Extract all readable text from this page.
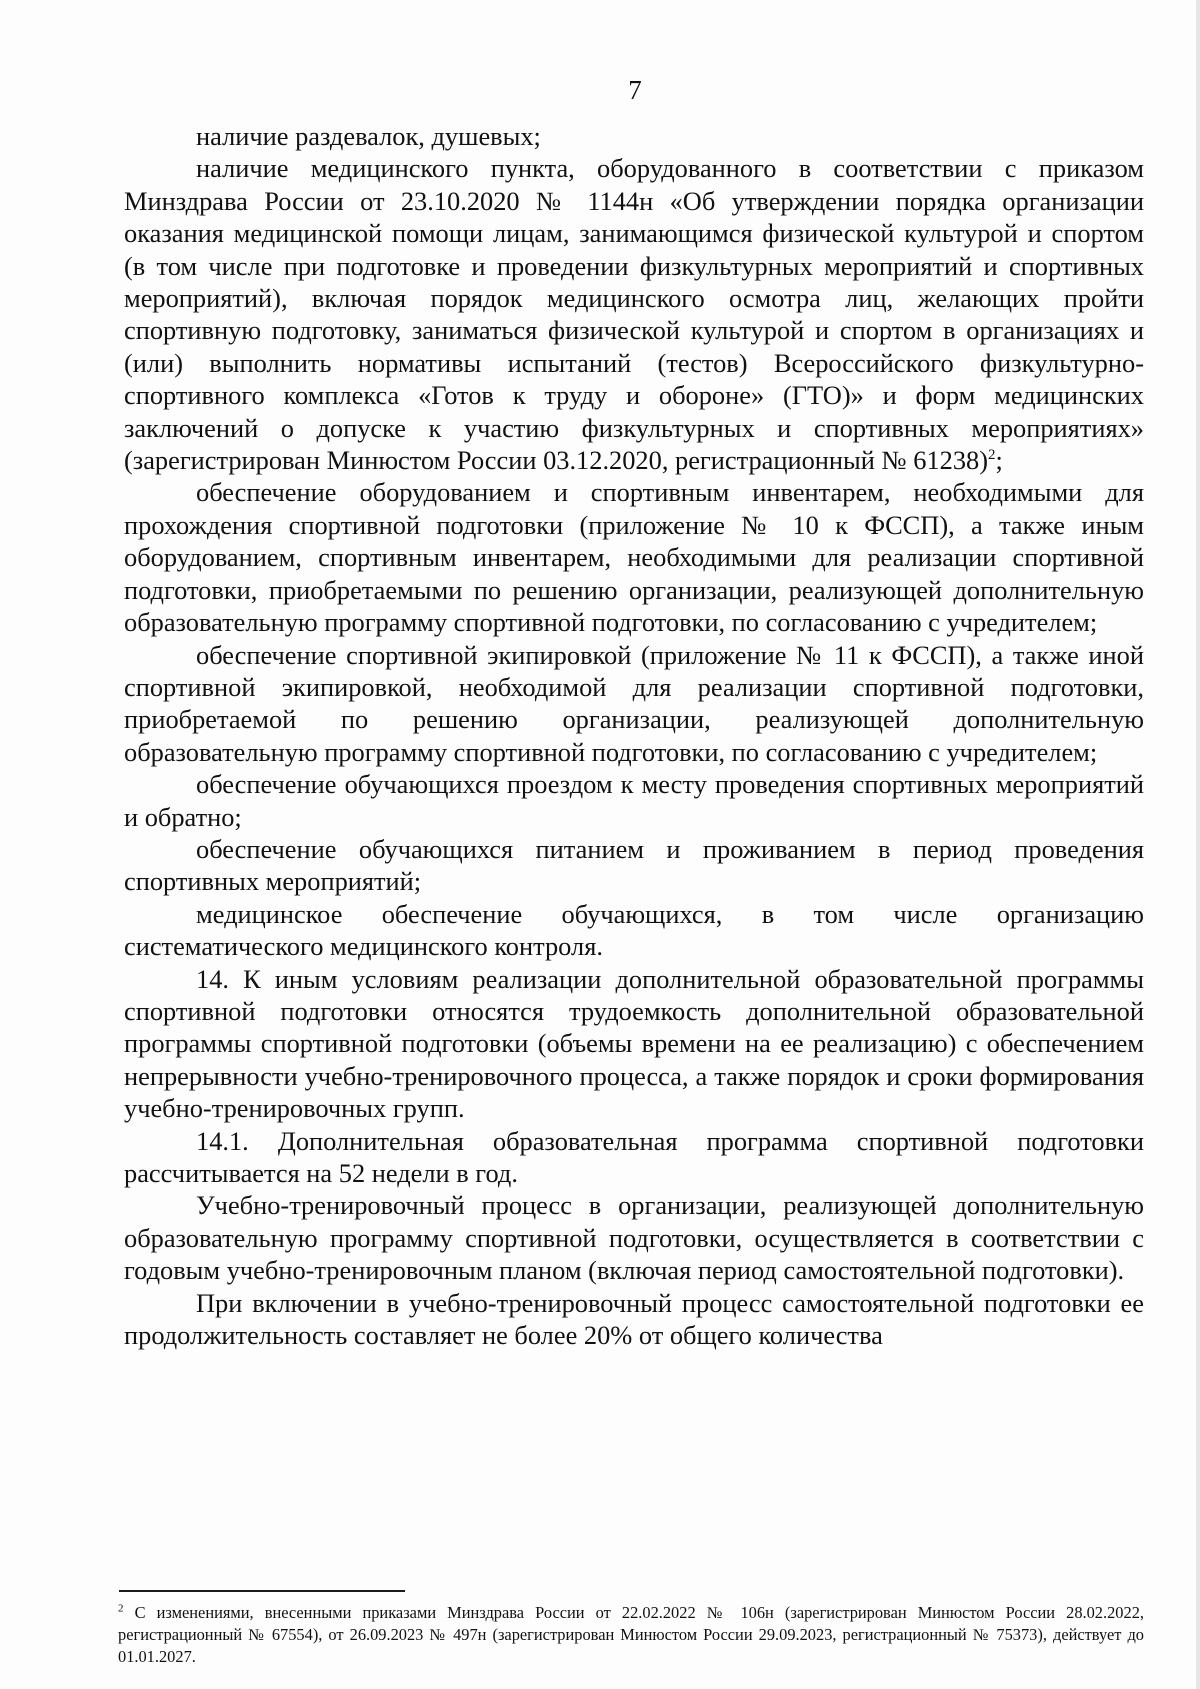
7

наличие раздевалок, душевых;

наличие медицинского пункта, оборудованного в соответствии с приказом Минздрава России от 23.10.2020 № 1144н «Об утверждении порядка организации оказания медицинской помощи лицам, занимающимся физической культурой и спортом (в том числе при подготовке и проведении физкультурных мероприятий и спортивных мероприятий), включая порядок медицинского осмотра лиц, желающих пройти спортивную подготовку, заниматься физической культурой и спортом в организациях и (или) выполнить нормативы испытаний (тестов) Всероссийского физкультурно-спортивного комплекса «Готов к труду и обороне» (ГТО)» и форм медицинских заключений о допуске к участию физкультурных и спортивных мероприятиях» (зарегистрирован Минюстом России 03.12.2020, регистрационный № 61238)$^2$;

обеспечение оборудованием и спортивным инвентарем, необходимыми для прохождения спортивной подготовки (приложение № 10 к ФССП), а также иным оборудованием, спортивным инвентарем, необходимыми для реализации спортивной подготовки, приобретаемыми по решению организации, реализующей дополнительную образовательную программу спортивной подготовки, по согласованию с учредителем;

обеспечение спортивной экипировкой (приложение № 11 к ФССП), а также иной спортивной экипировкой, необходимой для реализации спортивной подготовки, приобретаемой по решению организации, реализующей дополнительную образовательную программу спортивной подготовки, по согласованию с учредителем;

обеспечение обучающихся проездом к месту проведения спортивных мероприятий и обратно;

обеспечение обучающихся питанием и проживанием в период проведения спортивных мероприятий;

медицинское обеспечение обучающихся, в том числе организацию систематического медицинского контроля.

14. К иным условиям реализации дополнительной образовательной программы спортивной подготовки относятся трудоемкость дополнительной образовательной программы спортивной подготовки (объемы времени на ее реализацию) с обеспечением непрерывности учебно-тренировочного процесса, а также порядок и сроки формирования учебно-тренировочных групп.

14.1. Дополнительная образовательная программа спортивной подготовки рассчитывается на 52 недели в год.

Учебно-тренировочный процесс в организации, реализующей дополнительную образовательную программу спортивной подготовки, осуществляется в соответствии с годовым учебно-тренировочным планом (включая период самостоятельной подготовки).

При включении в учебно-тренировочный процесс самостоятельной подготовки ее продолжительность составляет не более 20% от общего количества

$^2$ С изменениями, внесенными приказами Минздрава России от 22.02.2022 № 106н (зарегистрирован Минюстом России 28.02.2022, регистрационный № 67554), от 26.09.2023 № 497н (зарегистрирован Минюстом России 29.09.2023, регистрационный № 75373), действует до 01.01.2027.
